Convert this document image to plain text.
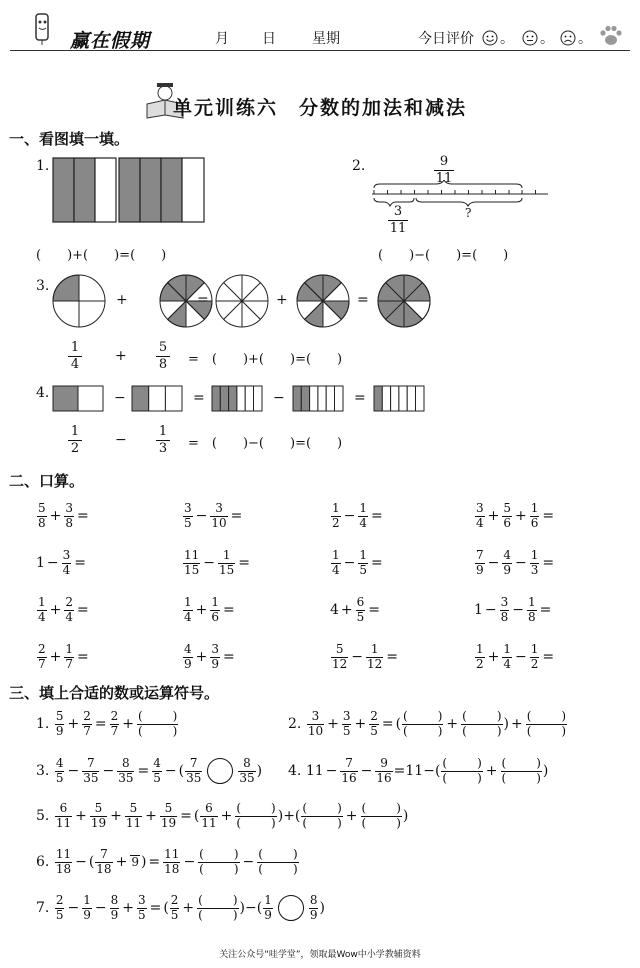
赢在假期	月 日	星期	今日评价 。 。 。
单元训练六　分数的加法和减法
一、看图填一填。
1.
(　　)+(　　)=(　　)
2.	9
11
3
11
?
(　　)−(　　)=(　　)
3.
+	=	+	=
1
4
+
5
8 =　(　　)+(　　)=(　　)
4.	−	=	−	=
1
2
−
1
3 =　(　　)−(　　)=(　　)
二、口算。
$\frac{5}{8} + \frac{3}{8}$ =	$\frac{3}{5} - \frac{3}{10}$ =	$\frac{1}{2} - \frac{1}{4}$ =	$\frac{3}{4} + \frac{5}{6} + \frac{1}{6}$ =
$1 - \frac{3}{4}$ =	$\frac{11}{15} - \frac{1}{15}$ =	$\frac{1}{4} - \frac{1}{5}$ =	$\frac{7}{9} - \frac{4}{9} - \frac{1}{3}$ =
$\frac{1}{4} + \frac{2}{4}$ =	$\frac{1}{4} + \frac{1}{6}$ =	$4 + \frac{6}{5}$ =	$1 - \frac{3}{8} - \frac{1}{8}$ =
$\frac{2}{7} + \frac{1}{7}$ =	$\frac{4}{9} + \frac{3}{9}$ =	$\frac{5}{12} - \frac{1}{12}$ =	$\frac{1}{2} + \frac{1}{4} - \frac{1}{2}$ =
三、填上合适的数或运算符号。
1.
$\frac{5}{9} + \frac{2}{7} = \frac{2}{7}$ + (	)
(	)	2.
$\frac{3}{10} + \frac{3}{5} + \frac{2}{5}$ = ( (	)
(	) + (	)
(	) ) + (	)
(	)
3.
$\frac{4}{5} - \frac{7}{35} - \frac{8}{35} = \frac{4}{5}$ − ( $\frac{7}{35}$	$\frac{8}{35}$ ) 4.
$11 - \frac{7}{16} - \frac{9}{16} =11-$( (	)
(	) + (	)
(	) )
5.
$\frac{6}{11} + \frac{5}{19} + \frac{5}{11} + \frac{5}{19}$ = ( $\frac{6}{11}$ + (	)
(	) )+( (	)
(	) + (	)
(	) )
6.
$\frac{11}{18}$ − ( $\frac{7}{18} + 9$ ) = $\frac{11}{18}$ − (	)
(	) − (	)
(	)
7.
$\frac{2}{5} - \frac{1}{9} - \frac{8}{9} + \frac{3}{5}$ = ( $\frac{2}{5}$ + (	)
(	) )−( $\frac{1}{9}$	$\frac{8}{9}$ )
关注公众号“哇学堂”，领取最Wow中小学教辅资料
